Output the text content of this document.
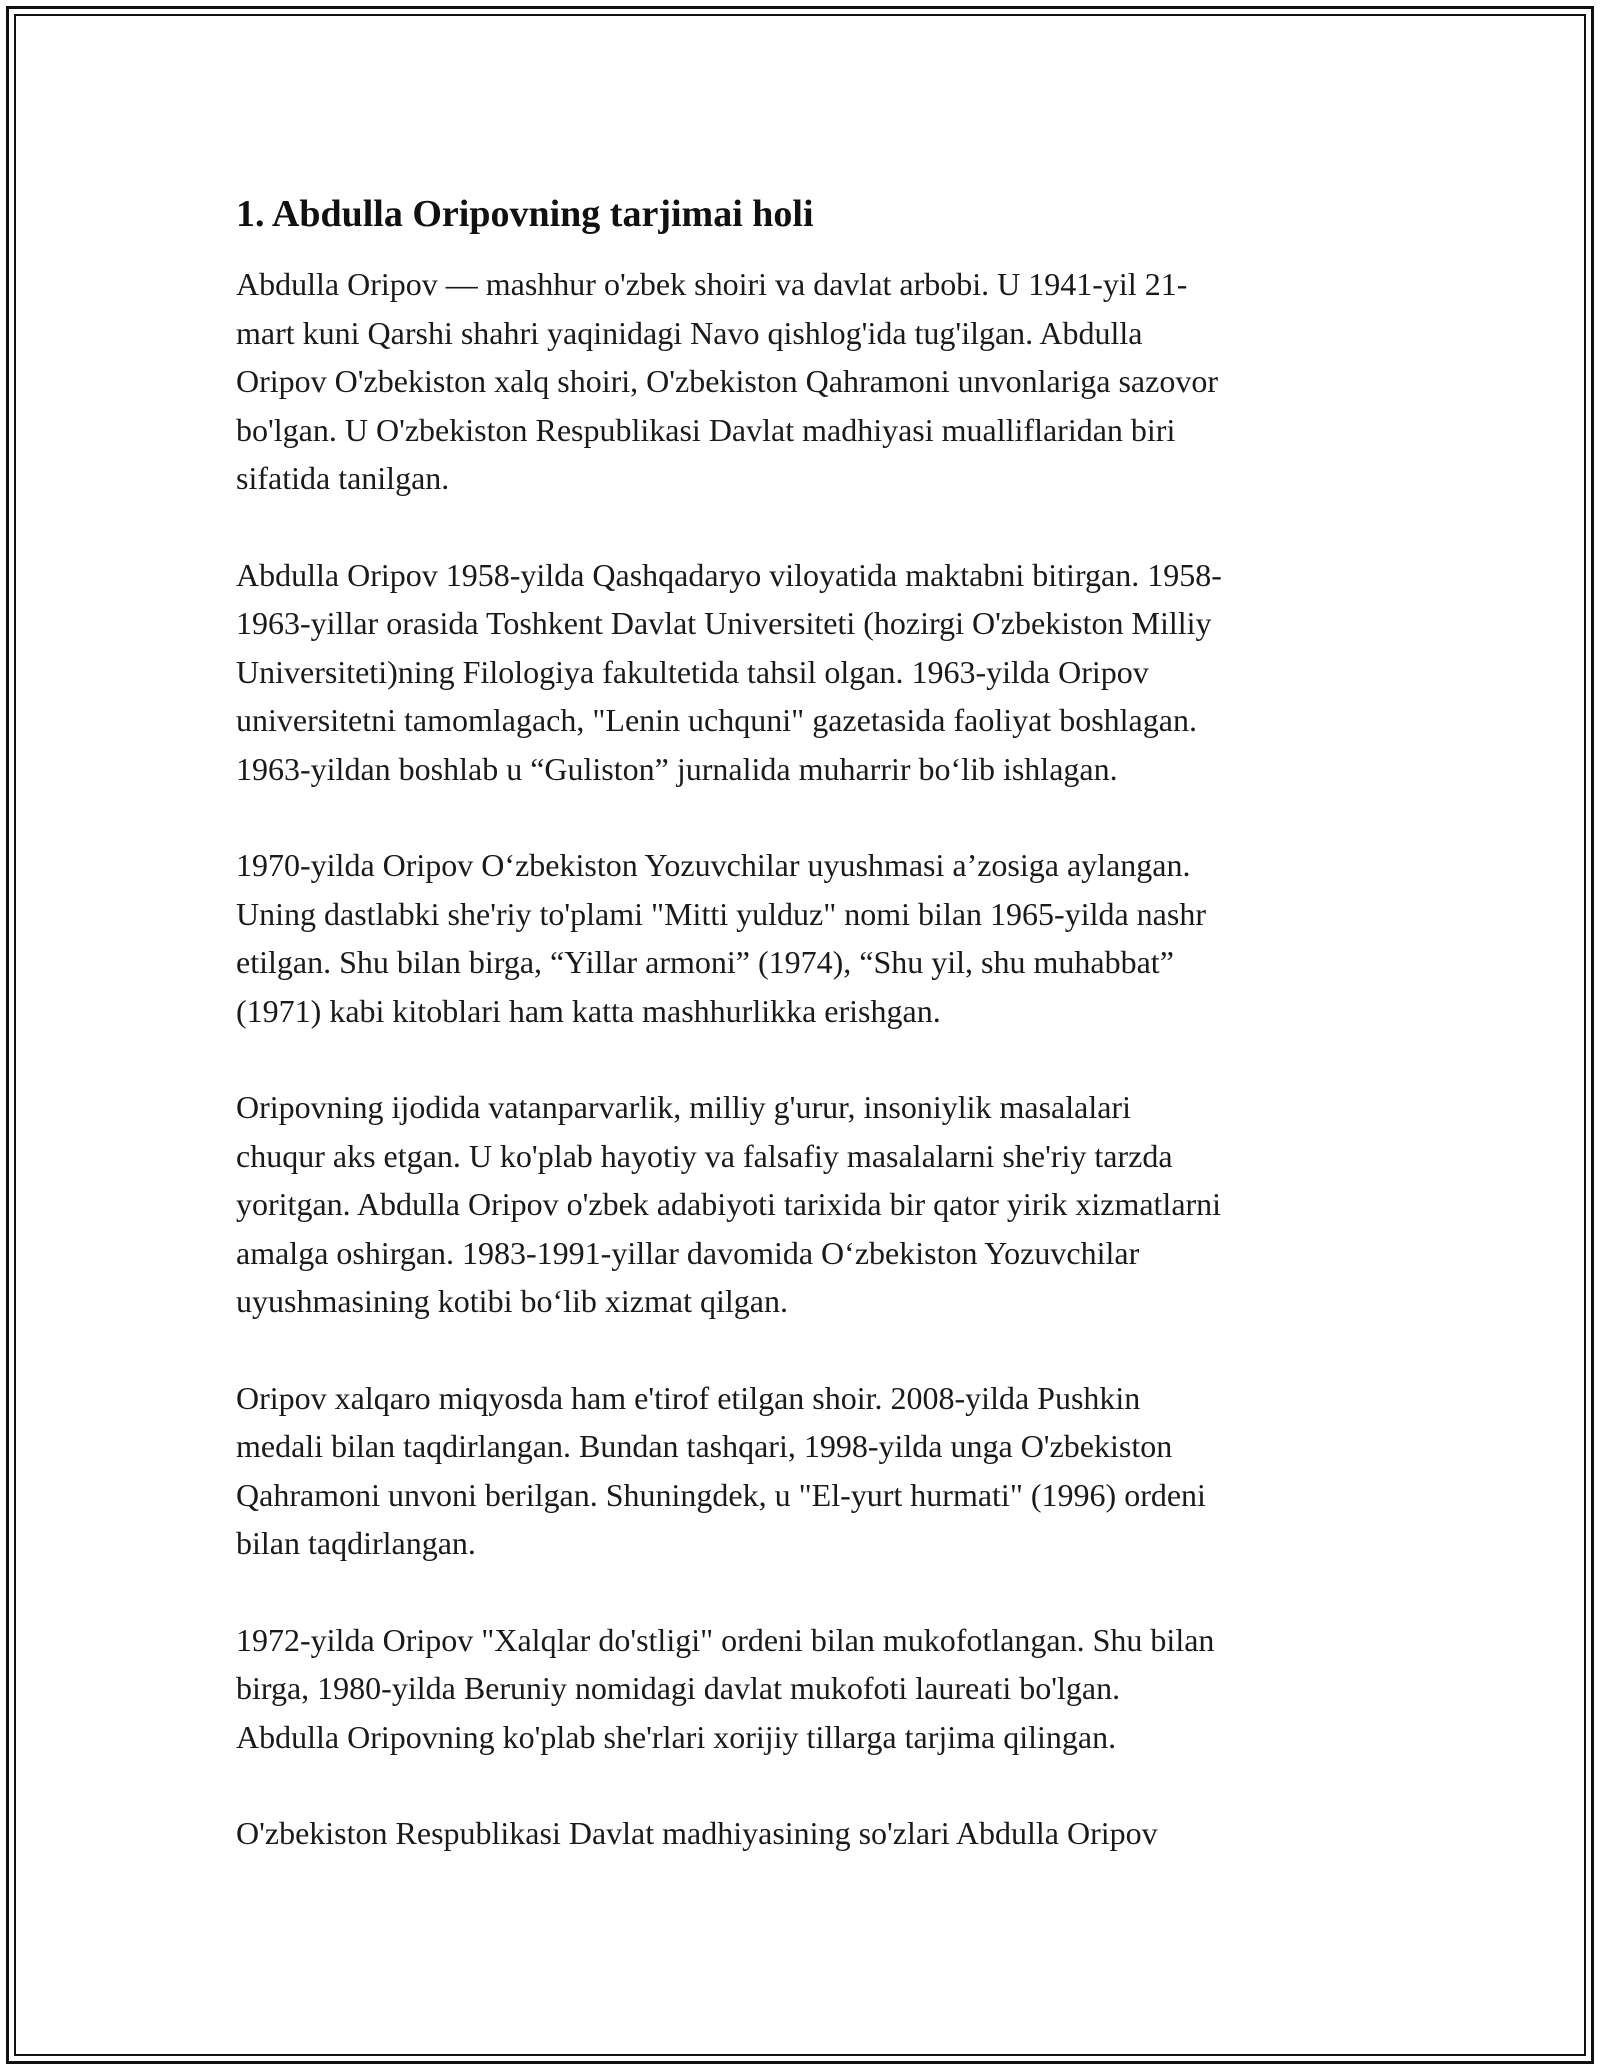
1. Abdulla Oripovning tarjimai holi

Abdulla Oripov — mashhur o'zbek shoiri va davlat arbobi. U 1941-yil 21-
mart kuni Qarshi shahri yaqinidagi Navo qishlog'ida tug'ilgan. Abdulla
Oripov O'zbekiston xalq shoiri, O'zbekiston Qahramoni unvonlariga sazovor
bo'lgan. U O'zbekiston Respublikasi Davlat madhiyasi mualliflaridan biri
sifatida tanilgan.

Abdulla Oripov 1958-yilda Qashqadaryo viloyatida maktabni bitirgan. 1958-
1963-yillar orasida Toshkent Davlat Universiteti (hozirgi O'zbekiston Milliy
Universiteti)ning Filologiya fakultetida tahsil olgan. 1963-yilda Oripov
universitetni tamomlagach, "Lenin uchquni" gazetasida faoliyat boshlagan.
1963-yildan boshlab u “Guliston” jurnalida muharrir bo‘lib ishlagan.

1970-yilda Oripov O‘zbekiston Yozuvchilar uyushmasi a’zosiga aylangan.
Uning dastlabki she'riy to'plami "Mitti yulduz" nomi bilan 1965-yilda nashr
etilgan. Shu bilan birga, “Yillar armoni” (1974), “Shu yil, shu muhabbat”
(1971) kabi kitoblari ham katta mashhurlikka erishgan.

Oripovning ijodida vatanparvarlik, milliy g'urur, insoniylik masalalari
chuqur aks etgan. U ko'plab hayotiy va falsafiy masalalarni she'riy tarzda
yoritgan. Abdulla Oripov o'zbek adabiyoti tarixida bir qator yirik xizmatlarni
amalga oshirgan. 1983-1991-yillar davomida O‘zbekiston Yozuvchilar
uyushmasining kotibi bo‘lib xizmat qilgan.

Oripov xalqaro miqyosda ham e'tirof etilgan shoir. 2008-yilda Pushkin
medali bilan taqdirlangan. Bundan tashqari, 1998-yilda unga O'zbekiston
Qahramoni unvoni berilgan. Shuningdek, u "El-yurt hurmati" (1996) ordeni
bilan taqdirlangan.

1972-yilda Oripov "Xalqlar do'stligi" ordeni bilan mukofotlangan. Shu bilan
birga, 1980-yilda Beruniy nomidagi davlat mukofoti laureati bo'lgan.
Abdulla Oripovning ko'plab she'rlari xorijiy tillarga tarjima qilingan.

O'zbekiston Respublikasi Davlat madhiyasining so'zlari Abdulla Oripov
